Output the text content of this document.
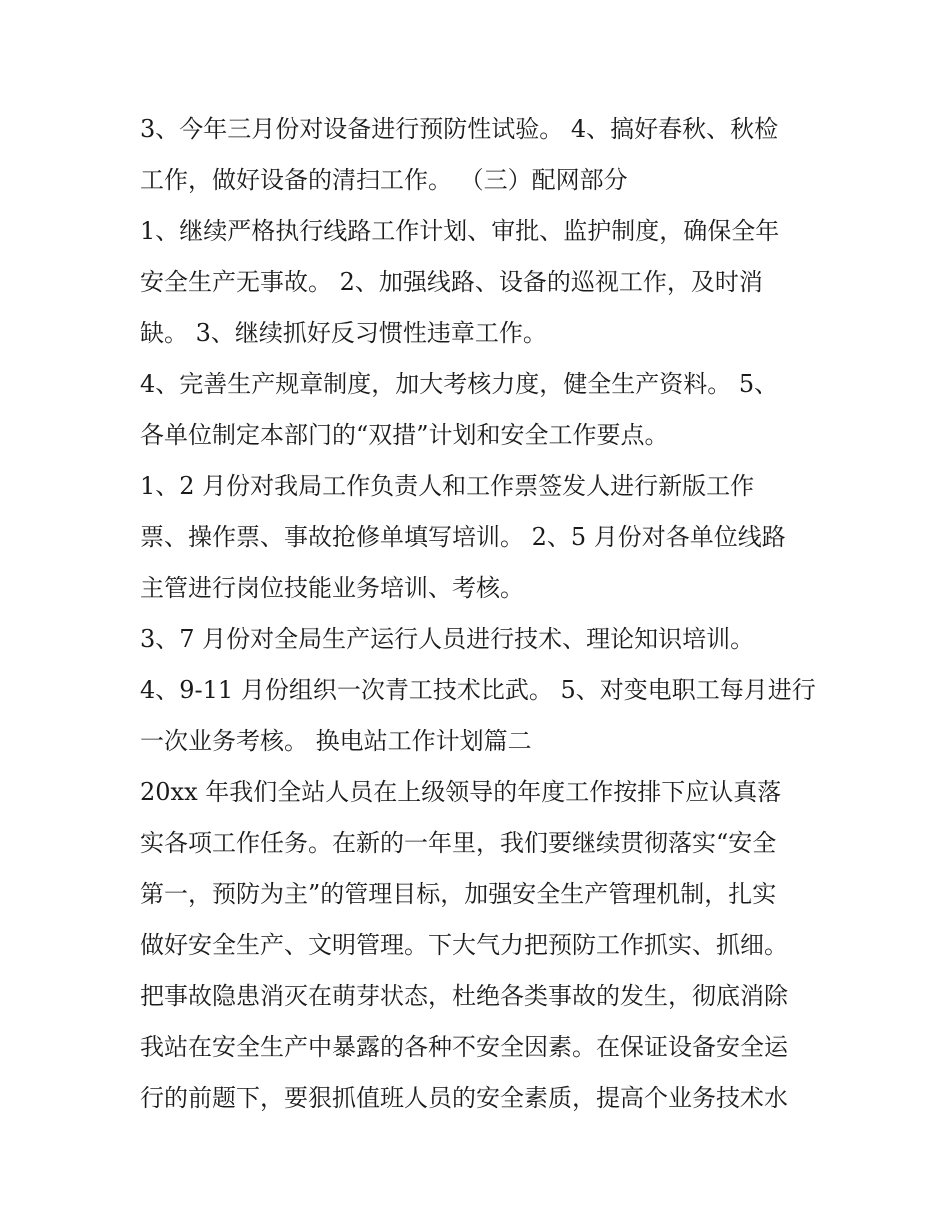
3、今年三月份对设备进行预防性试验。 4、搞好春秋、秋检
工作，做好设备的清扫工作。 （三）配网部分
1、继续严格执行线路工作计划、审批、监护制度，确保全年
安全生产无事故。 2、加强线路、设备的巡视工作，及时消
缺。 3、继续抓好反习惯性违章工作。
4、完善生产规章制度，加大考核力度，健全生产资料。 5、
各单位制定本部门的“双措”计划和安全工作要点。
1、2 月份对我局工作负责人和工作票签发人进行新版工作
票、操作票、事故抢修单填写培训。 2、5 月份对各单位线路
主管进行岗位技能业务培训、考核。
3、7 月份对全局生产运行人员进行技术、理论知识培训。
4、9-11 月份组织一次青工技术比武。 5、对变电职工每月进行
一次业务考核。 换电站工作计划篇二
20xx 年我们全站人员在上级领导的年度工作按排下应认真落
实各项工作任务。在新的一年里，我们要继续贯彻落实“安全
第一，预防为主”的管理目标，加强安全生产管理机制，扎实
做好安全生产、文明管理。下大气力把预防工作抓实、抓细。
把事故隐患消灭在萌芽状态，杜绝各类事故的发生，彻底消除
我站在安全生产中暴露的各种不安全因素。在保证设备安全运
行的前题下，要狠抓值班人员的安全素质，提高个业务技术水
